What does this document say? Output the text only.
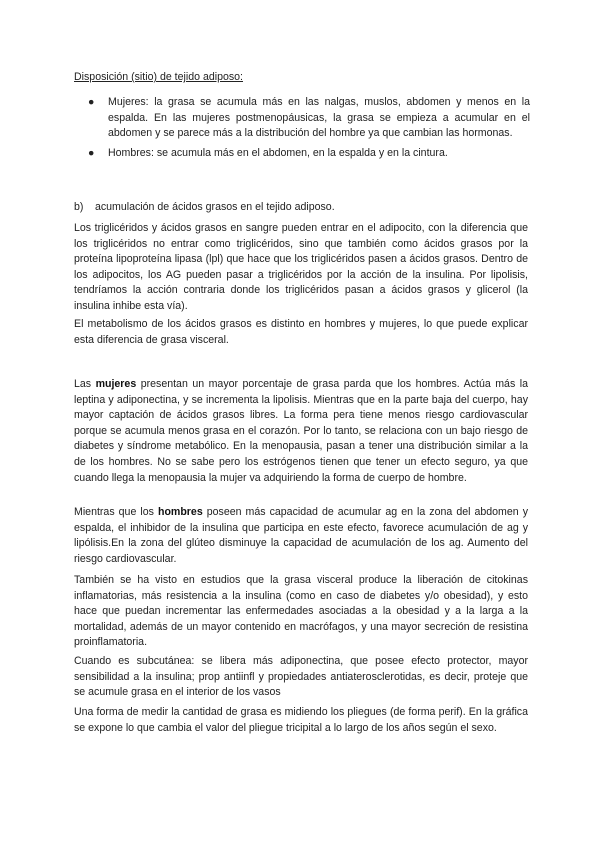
Disposición (sitio) de tejido adiposo:
● Mujeres: la grasa se acumula más en las nalgas, muslos, abdomen y menos en la espalda. En las mujeres postmenopáusicas, la grasa se empieza a acumular en el abdomen y se parece más a la distribución del hombre ya que cambian las hormonas.
● Hombres: se acumula más en el abdomen, en la espalda y en la cintura.
b) acumulación de ácidos grasos en el tejido adiposo.

Los triglicéridos y ácidos grasos en sangre pueden entrar en el adipocito, con la diferencia que los triglicéridos no entrar como triglicéridos, sino que también como ácidos grasos por la proteína lipoproteína lipasa (lpl) que hace que los triglicéridos pasen a ácidos grasos. Dentro de los adipocitos, los AG pueden pasar a triglicéridos por la acción de la insulina. Por lipolisis, tendríamos la acción contraria donde los triglicéridos pasan a ácidos grasos y glicerol (la insulina inhibe esta vía).

El metabolismo de los ácidos grasos es distinto en hombres y mujeres, lo que puede explicar esta diferencia de grasa visceral.

Las mujeres presentan un mayor porcentaje de grasa parda que los hombres. Actúa más la leptina y adiponectina, y se incrementa la lipolisis. Mientras que en la parte baja del cuerpo, hay mayor captación de ácidos grasos libres. La forma pera tiene menos riesgo cardiovascular porque se acumula menos grasa en el corazón. Por lo tanto, se relaciona con un bajo riesgo de diabetes y síndrome metabólico. En la menopausia, pasan a tener una distribución similar a la de los hombres. No se sabe pero los estrógenos tienen que tener un efecto seguro, ya que cuando llega la menopausia la mujer va adquiriendo la forma de cuerpo de hombre.

Mientras que los hombres poseen más capacidad de acumular ag en la zona del abdomen y espalda, el inhibidor de la insulina que participa en este efecto, favorece acumulación de ag y lipólisis.En la zona del glúteo disminuye la capacidad de acumulación de los ag. Aumento del riesgo cardiovascular.

También se ha visto en estudios que la grasa visceral produce la liberación de citokinas inflamatorias, más resistencia a la insulina (como en caso de diabetes y/o obesidad), y esto hace que puedan incrementar las enfermedades asociadas a la obesidad y a la larga a la mortalidad, además de un mayor contenido en macrófagos, y una mayor secreción de resistina proinflamatoria.

Cuando es subcutánea: se libera más adiponectina, que posee efecto protector, mayor sensibilidad a la insulina; prop antiinfl y propiedades antiaterosclerotidas, es decir, proteje que se acumule grasa en el interior de los vasos

Una forma de medir la cantidad de grasa es midiendo los pliegues (de forma perif). En la gráfica se expone lo que cambia el valor del pliegue tricipital a lo largo de los años según el sexo.
